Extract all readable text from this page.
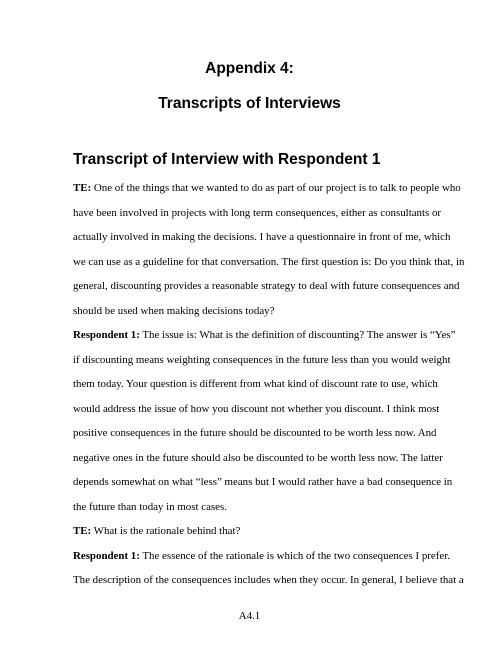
Appendix 4:
Transcripts of Interviews
Transcript of Interview with Respondent 1
TE: One of the things that we wanted to do as part of our project is to talk to people who
have been involved in projects with long term consequences, either as consultants or
actually involved in making the decisions. I have a questionnaire in front of me, which
we can use as a guideline for that conversation. The first question is: Do you think that, in
general, discounting provides a reasonable strategy to deal with future consequences and
should be used when making decisions today?
Respondent 1: The issue is: What is the definition of discounting? The answer is “Yes”
if discounting means weighting consequences in the future less than you would weight
them today. Your question is different from what kind of discount rate to use, which
would address the issue of how you discount not whether you discount. I think most
positive consequences in the future should be discounted to be worth less now. And
negative ones in the future should also be discounted to be worth less now. The latter
depends somewhat on what “less” means but I would rather have a bad consequence in
the future than today in most cases.
TE: What is the rationale behind that?
Respondent 1: The essence of the rationale is which of the two consequences I prefer.
The description of the consequences includes when they occur. In general, I believe that a
A4.1
